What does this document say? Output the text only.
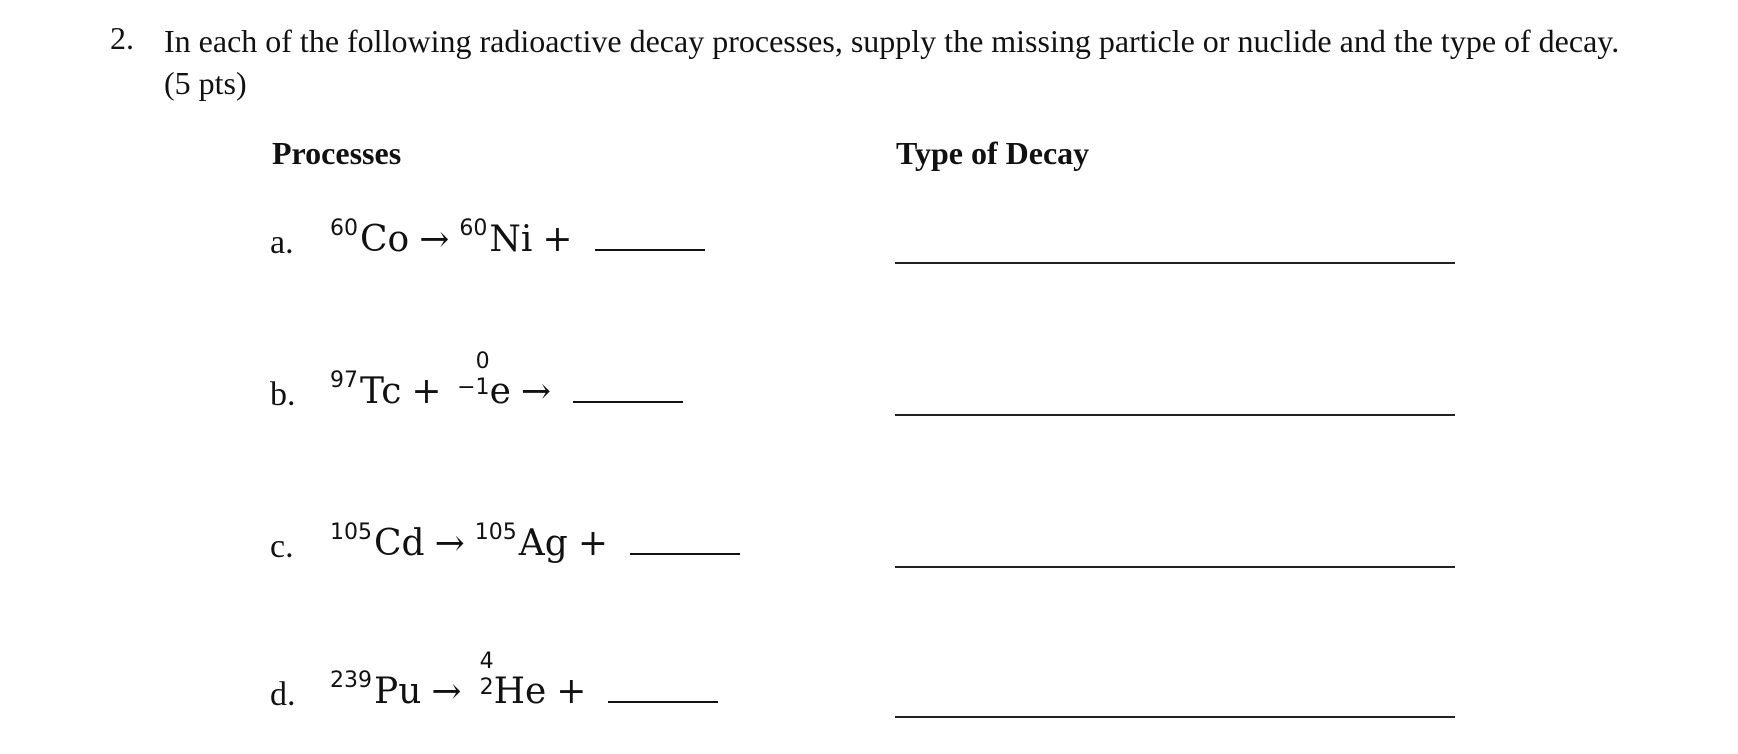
2. In each of the following radioactive decay processes, supply the missing particle or nuclide and the type of decay. (5 pts)
Processes	Type of Decay
a. 60Co → 60Ni +
b. 97Tc +
0
−1 e →
c. 105Cd → 105Ag +
d. 239Pu →
4
2 He +
